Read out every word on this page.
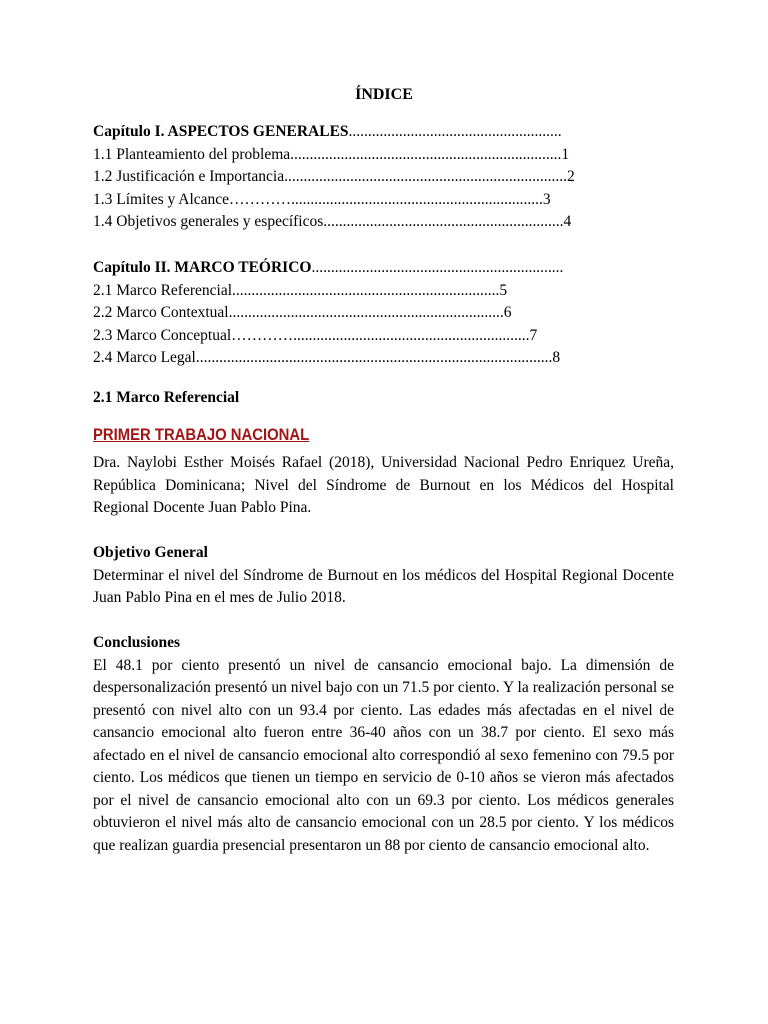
ÍNDICE
Capítulo I. ASPECTOS GENERALES.......................................................
1.1 Planteamiento del problema......................................................................1
1.2 Justificación e Importancia.........................................................................2
1.3 Límites y Alcance………….................................................................3
1.4 Objetivos generales y específicos..............................................................4
Capítulo II. MARCO TEÓRICO.................................................................
2.1 Marco Referencial.....................................................................5
2.2 Marco Contextual.......................................................................6
2.3 Marco Conceptual………….............................................................7
2.4 Marco Legal............................................................................................8
2.1 Marco Referencial
PRIMER TRABAJO NACIONAL
Dra. Naylobi Esther Moisés Rafael (2018), Universidad Nacional Pedro Enriquez Ureña, República Dominicana; Nivel del Síndrome de Burnout en los Médicos del Hospital Regional Docente Juan Pablo Pina.
Objetivo General
Determinar el nivel del Síndrome de Burnout en los médicos del Hospital Regional Docente Juan Pablo Pina en el mes de Julio 2018.
Conclusiones
El 48.1 por ciento presentó un nivel de cansancio emocional bajo. La dimensión de despersonalización presentó un nivel bajo con un 71.5 por ciento. Y la realización personal se presentó con nivel alto con un 93.4 por ciento. Las edades más afectadas en el nivel de cansancio emocional alto fueron entre 36-40 años con un 38.7 por ciento. El sexo más afectado en el nivel de cansancio emocional alto correspondió al sexo femenino con 79.5 por ciento. Los médicos que tienen un tiempo en servicio de 0-10 años se vieron más afectados por el nivel de cansancio emocional alto con un 69.3 por ciento. Los médicos generales obtuvieron el nivel más alto de cansancio emocional con un 28.5 por ciento. Y los médicos que realizan guardia presencial presentaron un 88 por ciento de cansancio emocional alto.
